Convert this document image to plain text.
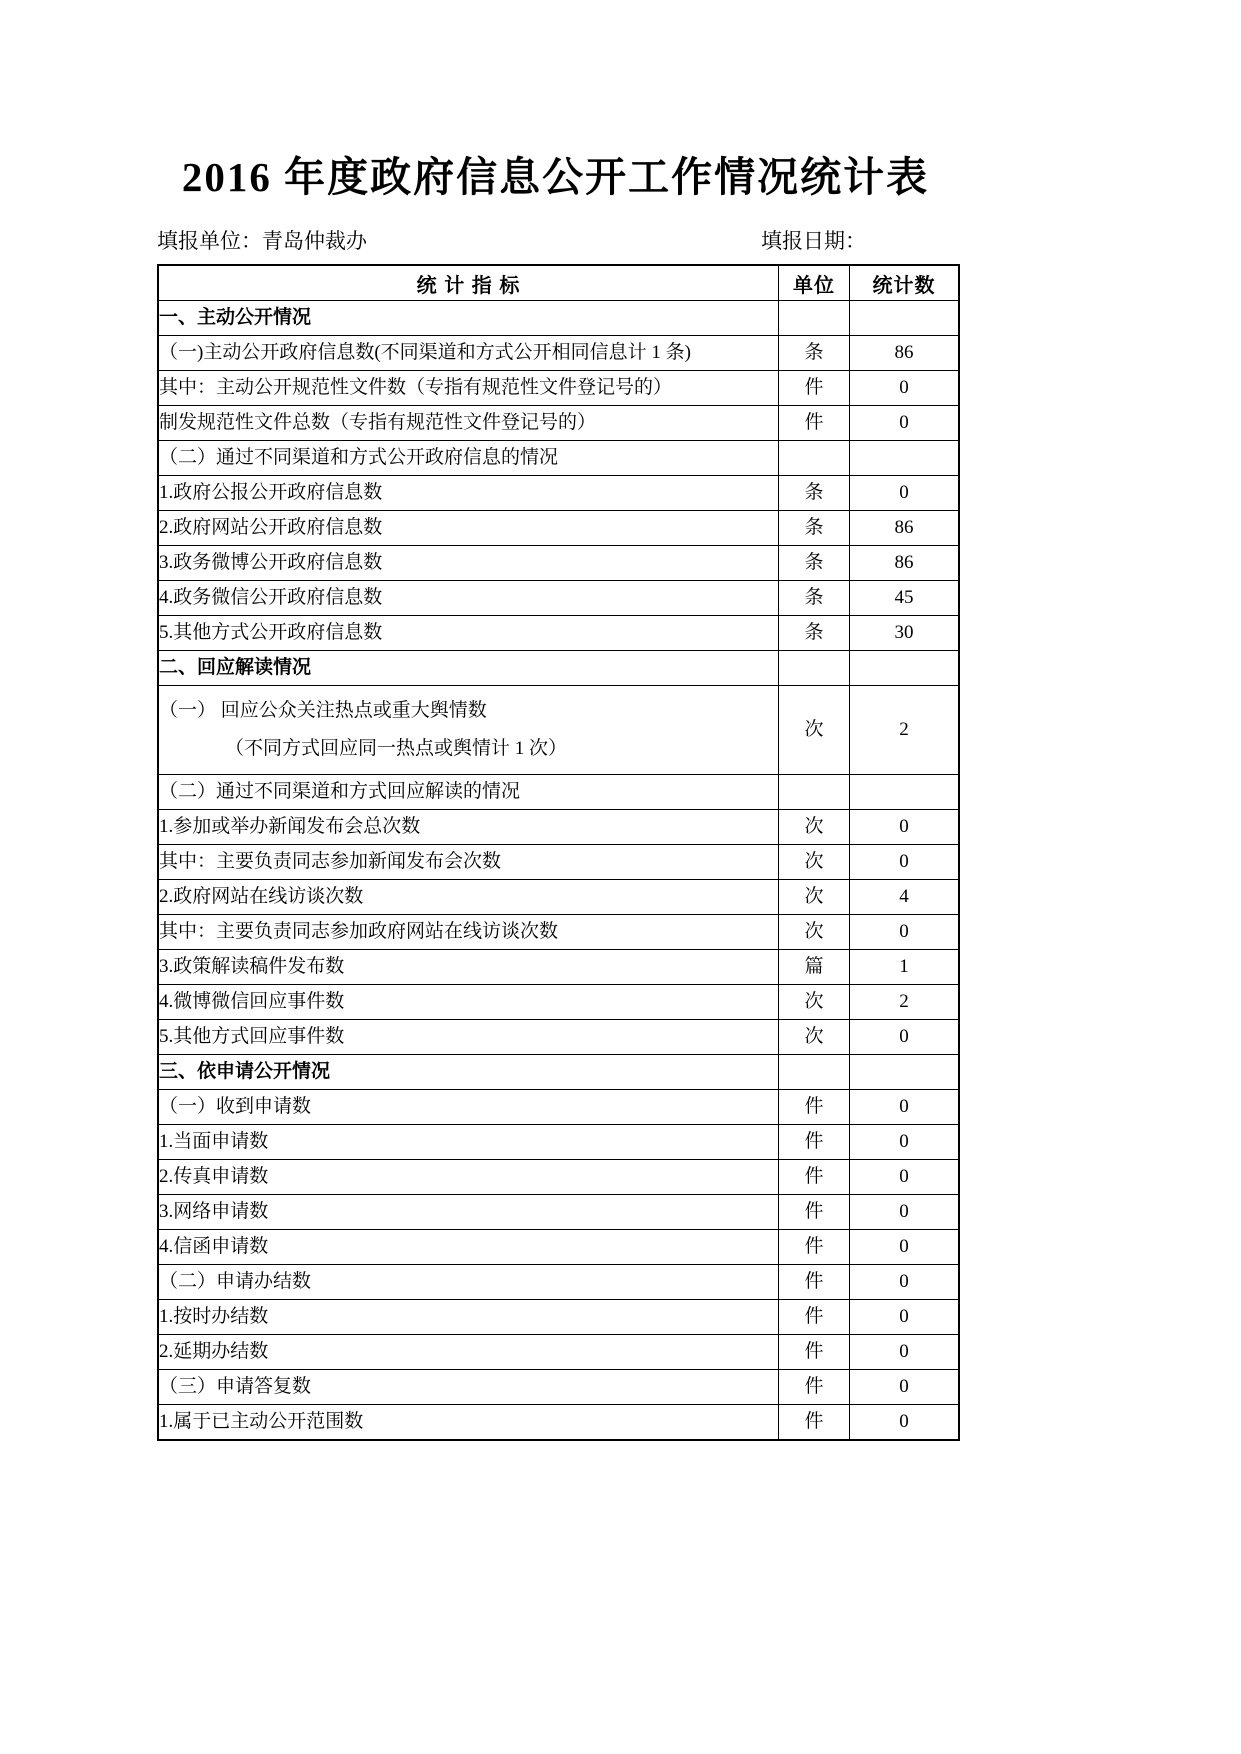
2016 年度政府信息公开工作情况统计表
填报单位：青岛仲裁办	填报日期：
统 计 指 标	单位	统计数

一、主动公开情况		

（一)主动公开政府信息数(不同渠道和方式公开相同信息计 1 条)	条	86

其中：主动公开规范性文件数（专指有规范性文件登记号的）	件	0

制发规范性文件总数（专指有规范性文件登记号的）	件	0

（二）通过不同渠道和方式公开政府信息的情况		

1.政府公报公开政府信息数	条	0

2.政府网站公开政府信息数	条	86

3.政务微博公开政府信息数	条	86

4.政务微信公开政府信息数	条	45

5.其他方式公开政府信息数	条	30

二、回应解读情况		

（一） 回应公众关注热点或重大舆情数
（不同方式回应同一热点或舆情计 1 次）	次	2

（二）通过不同渠道和方式回应解读的情况		

1.参加或举办新闻发布会总次数	次	0

其中：主要负责同志参加新闻发布会次数	次	0

2.政府网站在线访谈次数	次	4

其中：主要负责同志参加政府网站在线访谈次数	次	0

3.政策解读稿件发布数	篇	1

4.微博微信回应事件数	次	2

5.其他方式回应事件数	次	0

三、依申请公开情况		

（一）收到申请数	件	0

1.当面申请数	件	0

2.传真申请数	件	0

3.网络申请数	件	0

4.信函申请数	件	0

（二）申请办结数	件	0

1.按时办结数	件	0

2.延期办结数	件	0

（三）申请答复数	件	0

1.属于已主动公开范围数	件	0
